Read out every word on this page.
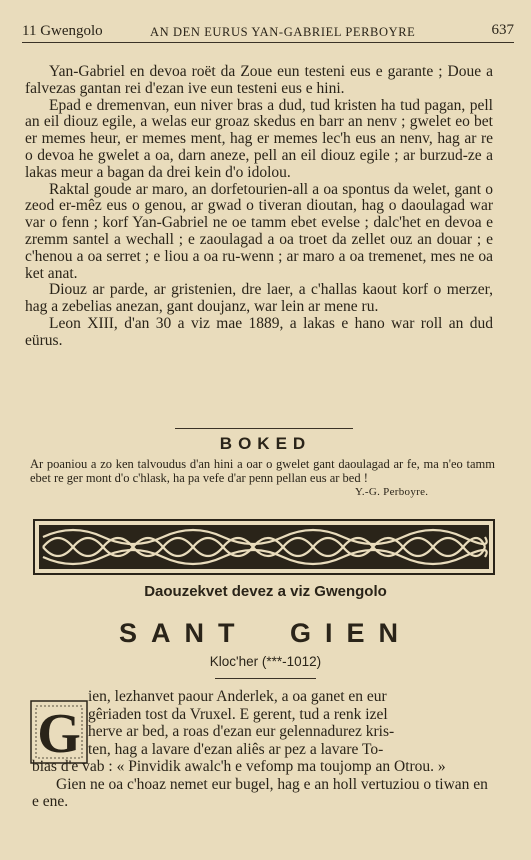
11 Gwengolo	AN DEN EURUS YAN-GABRIEL PERBOYRE	637

Yan-Gabriel en devoa roët da Zoue eun testeni eus e garante ; Doue a falvezas gantan rei d'ezan ive eun testeni eus e hini.

Epad e dremenvan, eun niver bras a dud, tud kristen ha tud pagan, pell an eil diouz egile, a welas eur groaz skedus en barr an nenv ; gwelet eo bet er memes heur, er memes ment, hag er memes lec'h eus an nenv, hag ar re o devoa he gwelet a oa, darn aneze, pell an eil diouz egile ; ar burzud-ze a lakas meur a bagan da drei kein d'o idolou.

Raktal goude ar maro, an dorfetourien-all a oa spontus da welet, gant o zeod er-mêz eus o genou, ar gwad o tiveran dioutan, hag o daoulagad war var o fenn ; korf Yan-Gabriel ne oe tamm ebet evelse ; dalc'het en devoa e zremm santel a wechall ; e zaoulagad a oa troet da zellet ouz an douar ; e c'henou a oa serret ; e liou a oa ru-wenn ; ar maro a oa tremenet, mes ne oa ket anat.

Diouz ar parde, ar gristenien, dre laer, a c'hallas kaout korf o merzer, hag a zebelias anezan, gant doujanz, war lein ar mene ru.

Leon XIII, d'an 30 a viz mae 1889, a lakas e hano war roll an dud eürus.

BOKED
Ar poaniou a zo ken talvoudus d'an hini a oar o gwelet gant daoulagad ar fe, ma n'eo tamm ebet re ger mont d'o c'hlask, ha pa vefe d'ar penn pellan eus ar bed !
Y.-G. Perboyre.
Daouzekvet devez a viz Gwengolo
SANT GIEN
Kloc'her (***-1012)
G
ien, lezhanvet paour Anderlek, a oa ganet en eur
gêriaden tost da Vruxel. E gerent, tud a renk izel
herve ar bed, a roas d'ezan eur gelennadurez kris-
ten, hag a lavare d'ezan aliês ar pez a lavare To-

bias d'e vab : « Pinvidik awalc'h e vefomp ma toujomp an Otrou. »

Gien ne oa c'hoaz nemet eur bugel, hag e an holl vertuziou o tiwan en e ene.
